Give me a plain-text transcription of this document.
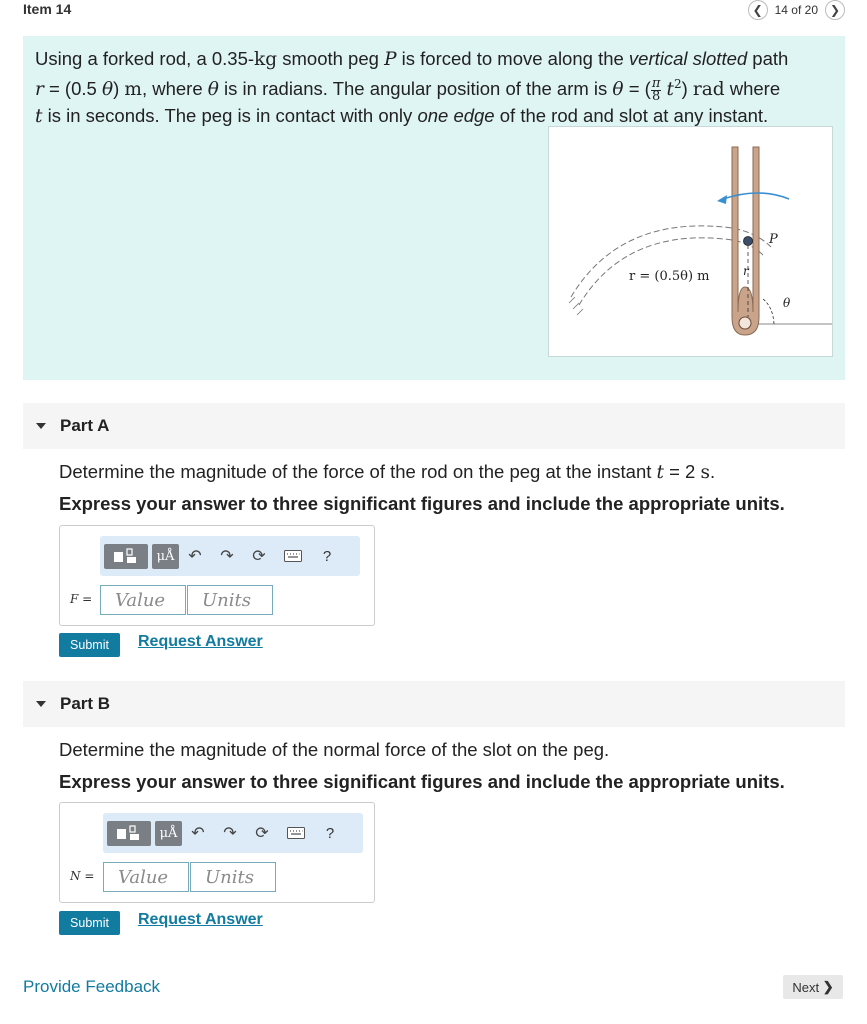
Item 14	❮ 14 of 20 ❯

Using a forked rod, a 0.35-kg smooth peg P is forced to move along the vertical slotted path
r = (0.5 θ) m, where θ is in radians. The angular position of the arm is θ = ( $\frac{\pi}{8} t^2$) rad where
t is in seconds. The peg is in contact with only one edge of the rod and slot at any instant.

P
r
θ
r = (0.5θ) m
Part A
Determine the magnitude of the force of the rod on the peg at the instant t = 2 s.
Express your answer to three significant figures and include the appropriate units.
μÅ ↶	↷	⟳	?
F =
Value
Units
Submit	Request Answer
Part B
Determine the magnitude of the normal force of the slot on the peg.
Express your answer to three significant figures and include the appropriate units.
μÅ ↶	↷	⟳	?
N =
Value
Units
Submit	Request Answer
Provide Feedback	Next
❯
